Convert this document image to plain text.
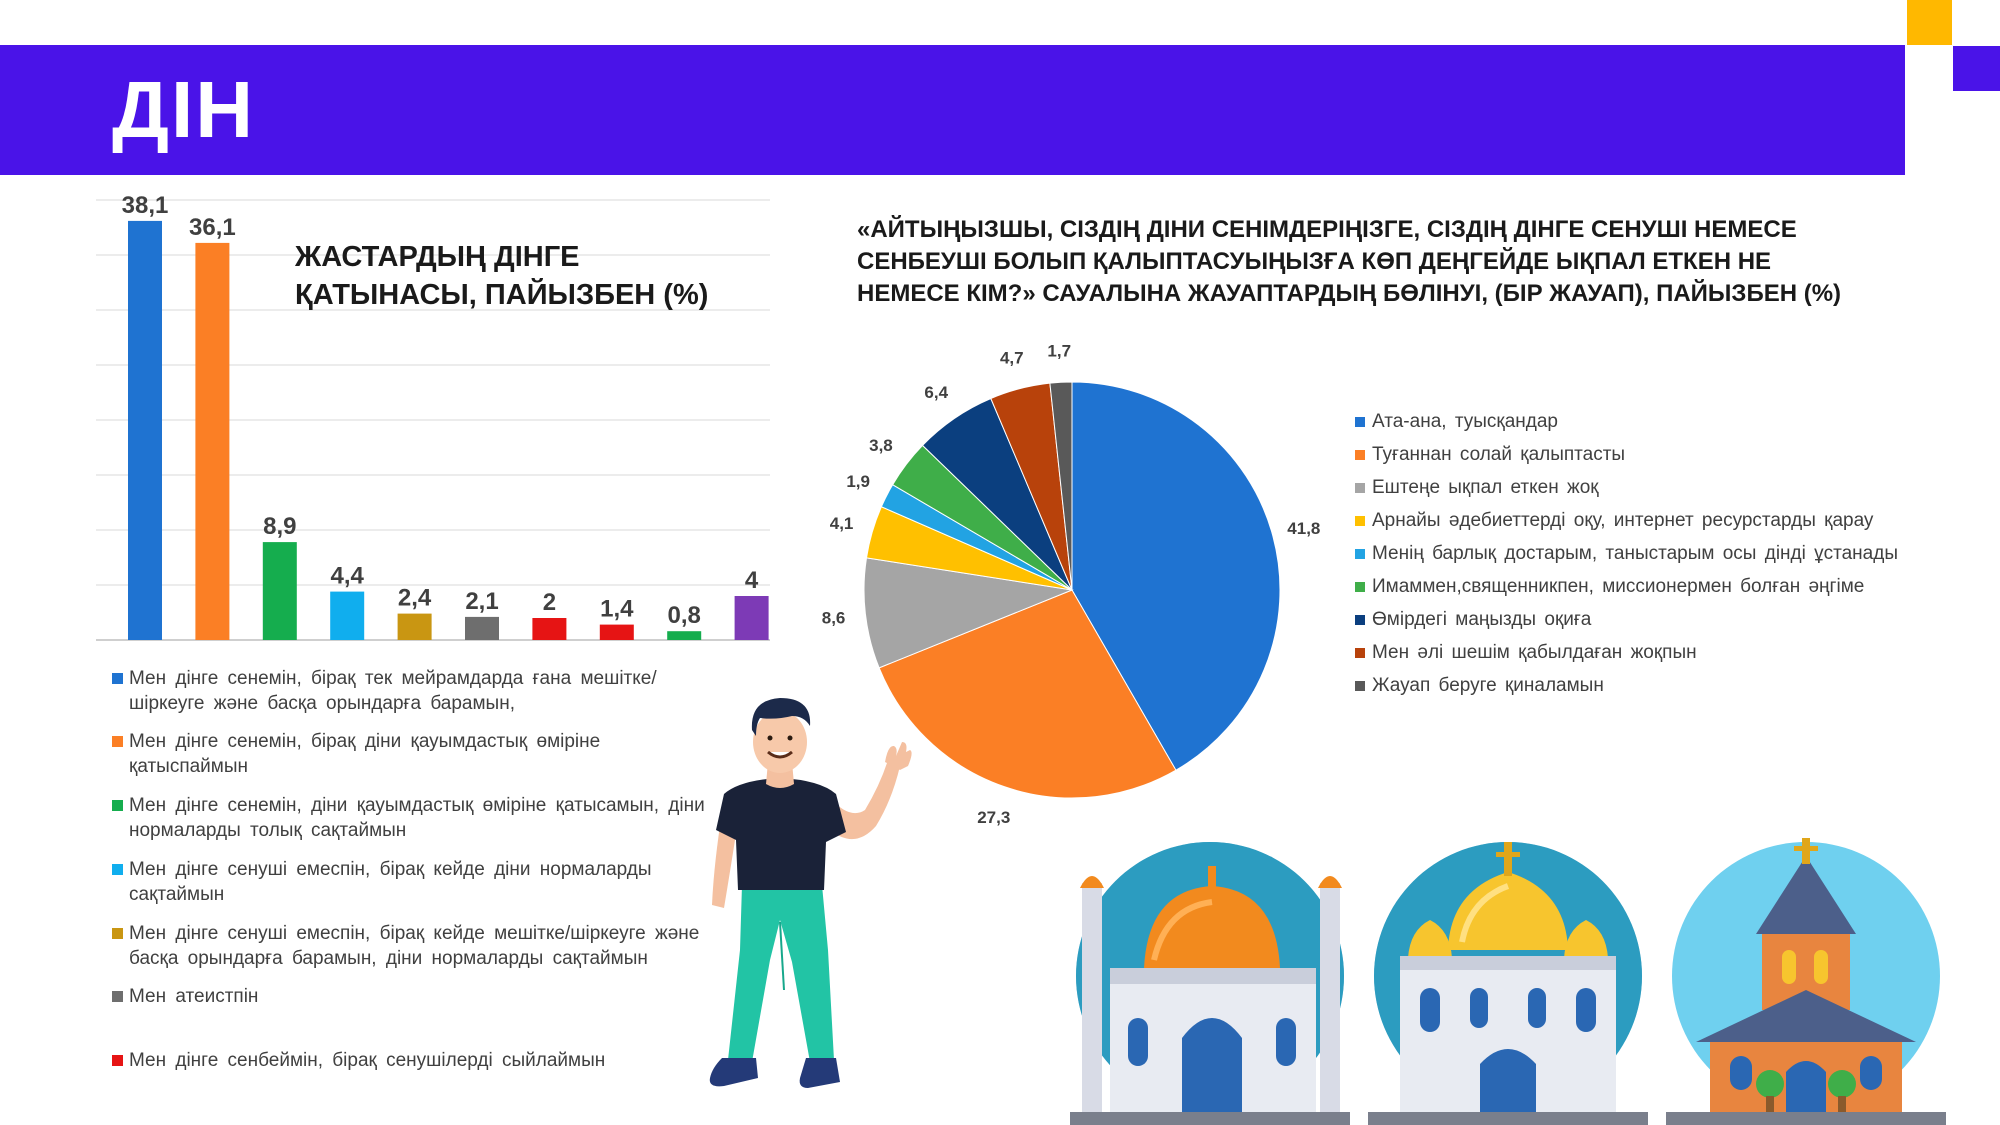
ДІН
38,1
36,1
8,9
4,4
2,4 2,1 2 1,4 0,8
4
ЖАСТАРДЫҢ ДІНГЕ ҚАТЫНАСЫ, ПАЙЫЗБЕН (%)
Мен дінге сенемін, бірақ тек мейрамдарда ғана мешітке/шіркеуге және басқа орындарға барамын,
Мен дінге сенемін, бірақ діни қауымдастық өміріне қатыспаймын
Мен дінге сенемін, діни қауымдастық өміріне қатысамын, діни нормаларды толық сақтаймын
Мен дінге сенуші емеспін, бірақ кейде діни нормаларды сақтаймын
Мен дінге сенуші емеспін, бірақ кейде мешітке/шіркеуге және басқа орындарға барамын, діни нормаларды сақтаймын
Мен атеистпін
Мен дінге сенбеймін, бірақ сенушілерді сыйлаймын
«АЙТЫҢЫЗШЫ, СІЗДІҢ ДІНИ СЕНІМДЕРІҢІЗГЕ, СІЗДІҢ ДІНГЕ СЕНУШІ НЕМЕСЕ СЕНБЕУШІ БОЛЫП ҚАЛЫПТАСУЫҢЫЗҒА КӨП ДЕҢГЕЙДЕ ЫҚПАЛ ЕТКЕН НЕ НЕМЕСЕ КІМ?» САУАЛЫНА ЖАУАПТАРДЫҢ БӨЛІНУІ, (БІР ЖАУАП), ПАЙЫЗБЕН (%)
41,8
27,3
8,6
4,1
1,9
3,8
6,4
4,7 1,7
Ата-ана, туысқандар
Туғаннан солай қалыптасты
Ештеңе ықпал еткен жоқ
Арнайы әдебиеттерді оқу, интернет ресурстарды қарау
Менің барлық достарым, таныстарым осы дінді ұстанады
Имаммен,священникпен, миссионермен болған әңгіме
Өмірдегі маңызды оқиға
Мен әлі шешім қабылдаған жоқпын
Жауап беруге қиналамын
